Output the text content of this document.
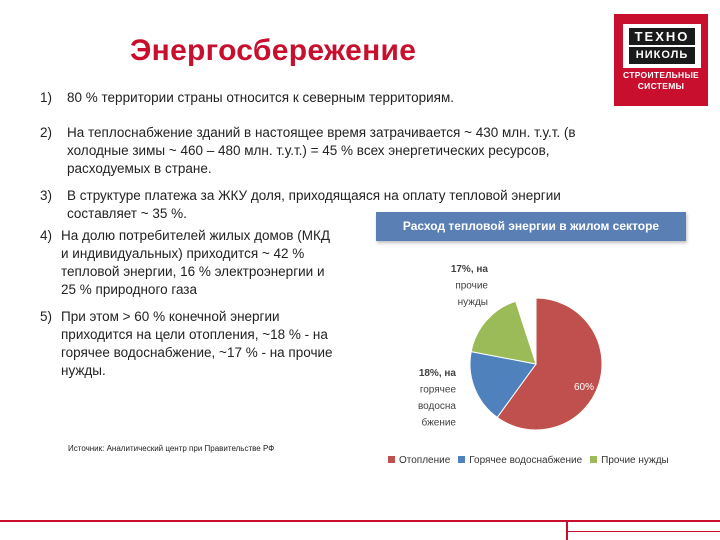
Энергосбережение	ТЕХНО
НИКОЛЬ
СТРОИТЕЛЬНЫЕ
СИСТЕМЫ
1) 80 % территории страны относится к северным территориям.
2) На теплоснабжение зданий в настоящее время затрачивается ~ 430 млн. т.у.т. (в
холодные зимы ~ 460 – 480 млн. т.у.т.) = 45 % всех энергетических ресурсов,
расходуемых в стране.
3) В структуре платежа за ЖКУ доля, приходящаяся на оплату тепловой энергии
составляет ~ 35 %.
4) На долю потребителей жилых домов (МКД
и индивидуальных) приходится ~ 42 %
тепловой энергии, 16 % электроэнергии и
25 % природного газа
5) При этом > 60 % конечной энергии
приходится на цели отопления, ~18 % - на
горячее водоснабжение, ~17 % - на прочие
нужды.
Источник: Аналитический центр при Правительстве РФ
Расход тепловой энергии в жилом секторе
60%
18%, на
горячее
водосна
бжение
17%, на
прочие
нужды
Отопление Горячее водоснабжение Прочие нужды
